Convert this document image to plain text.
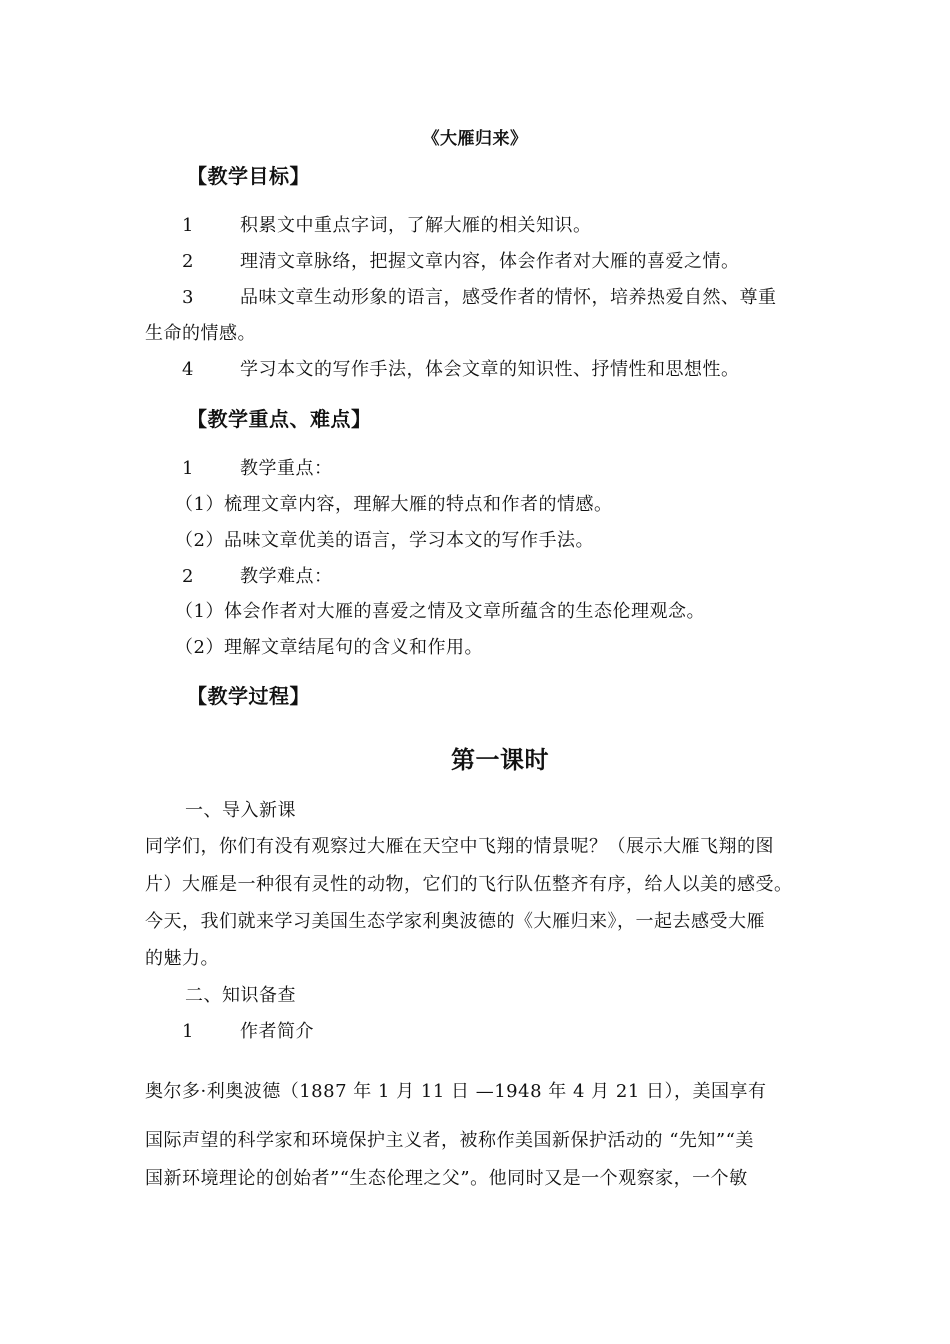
《大雁归来》
【教学目标】
1	积累文中重点字词，了解大雁的相关知识。
2	理清文章脉络，把握文章内容，体会作者对大雁的喜爱之情。
3	品味文章生动形象的语言，感受作者的情怀，培养热爱自然、尊重
生命的情感。
4	学习本文的写作手法，体会文章的知识性、抒情性和思想性。
【教学重点、难点】
1	教学重点：
（1）梳理文章内容，理解大雁的特点和作者的情感。
（2）品味文章优美的语言，学习本文的写作手法。
2	教学难点：
（1）体会作者对大雁的喜爱之情及文章所蕴含的生态伦理观念。
（2）理解文章结尾句的含义和作用。
【教学过程】
第一课时
一、导入新课
同学们，你们有没有观察过大雁在天空中飞翔的情景呢？（展示大雁飞翔的图
片）大雁是一种很有灵性的动物，它们的飞行队伍整齐有序，给人以美的感受。
今天，我们就来学习美国生态学家利奥波德的《大雁归来》，一起去感受大雁
的魅力。
二、知识备查
1	作者简介
奥尔多·利奥波德（1887 年 1 月 11 日 —1948 年 4 月 21 日），美国享有
国际声望的科学家和环境保护主义者，被称作美国新保护活动的 “先知”“美
国新环境理论的创始者”“生态伦理之父”。他同时又是一个观察家，一个敏
